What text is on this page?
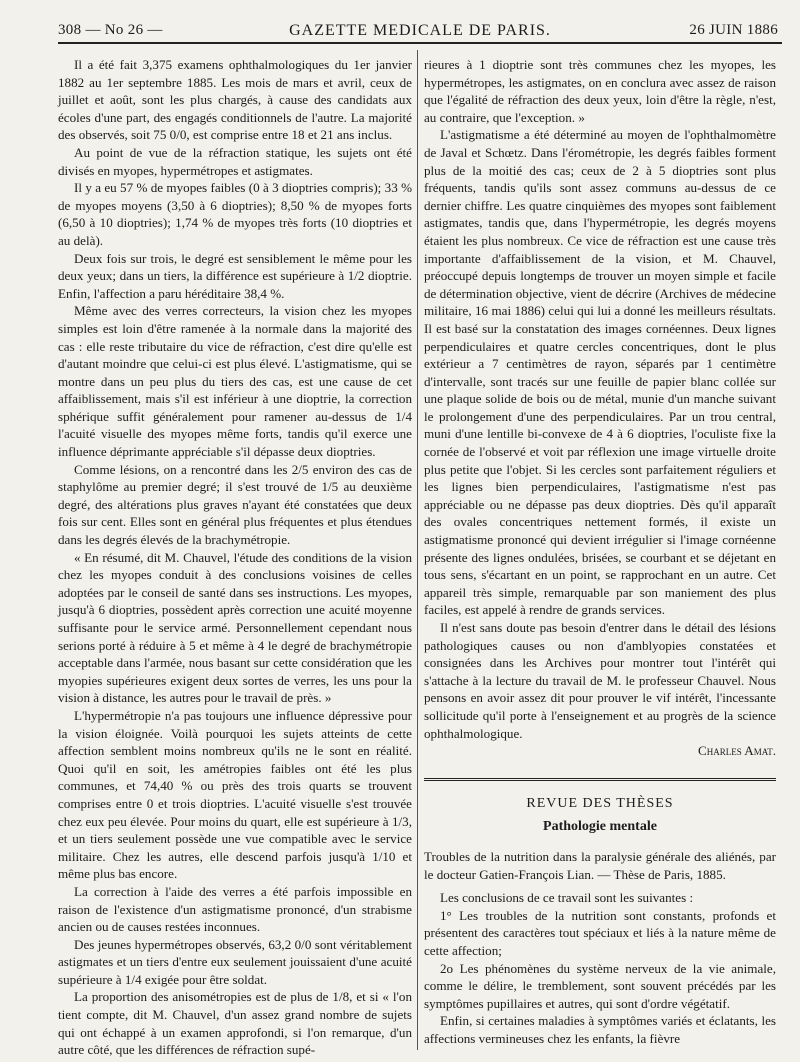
308 — No 26 —	GAZETTE MEDICALE DE PARIS.	26 JUIN 1886

Il a été fait 3,375 examens ophthalmologiques du 1er janvier 1882 au 1er septembre 1885. Les mois de mars et avril, ceux de juillet et août, sont les plus chargés, à cause des candidats aux écoles d'une part, des engagés conditionnels de l'autre. La majorité des observés, soit 75 0/0, est comprise entre 18 et 21 ans inclus.

Au point de vue de la réfraction statique, les sujets ont été divisés en myopes, hypermétropes et astigmates.

Il y a eu 57 % de myopes faibles (0 à 3 dioptries compris); 33 % de myopes moyens (3,50 à 6 dioptries); 8,50 % de myopes forts (6,50 à 10 dioptries); 1,74 % de myopes très forts (10 dioptries et au delà).

Deux fois sur trois, le degré est sensiblement le même pour les deux yeux; dans un tiers, la différence est supérieure à 1/2 dioptrie. Enfin, l'affection a paru héréditaire 38,4 %.

Même avec des verres correcteurs, la vision chez les myopes simples est loin d'être ramenée à la normale dans la majorité des cas : elle reste tributaire du vice de réfraction, c'est dire qu'elle est d'autant moindre que celui-ci est plus élevé. L'astigmatisme, qui se montre dans un peu plus du tiers des cas, est une cause de cet affaiblissement, mais s'il est inférieur à une dioptrie, la correction sphérique suffit généralement pour ramener au-dessus de 1/4 l'acuité visuelle des myopes même forts, tandis qu'il exerce une influence déprimante appréciable s'il dépasse deux dioptries.

Comme lésions, on a rencontré dans les 2/5 environ des cas de staphylôme au premier degré; il s'est trouvé de 1/5 au deuxième degré, des altérations plus graves n'ayant été constatées que deux fois sur cent. Elles sont en général plus fréquentes et plus étendues dans les degrés élevés de la brachymétropie.

« En résumé, dit M. Chauvel, l'étude des conditions de la vision chez les myopes conduit à des conclusions voisines de celles adoptées par le conseil de santé dans ses instructions. Les myopes, jusqu'à 6 dioptries, possèdent après correction une acuité moyenne suffisante pour le service armé. Personnellement cependant nous serions porté à réduire à 5 et même à 4 le degré de brachymétropie acceptable dans l'armée, nous basant sur cette considération que les myopies supérieures exigent deux sortes de verres, les uns pour la vision à distance, les autres pour le travail de près. »

L'hypermétropie n'a pas toujours une influence dépressive pour la vision éloignée. Voilà pourquoi les sujets atteints de cette affection semblent moins nombreux qu'ils ne le sont en réalité. Quoi qu'il en soit, les amétropies faibles ont été les plus communes, et 74,40 % ou près des trois quarts se trouvent comprises entre 0 et trois dioptries. L'acuité visuelle s'est trouvée chez eux peu élevée. Pour moins du quart, elle est supérieure à 1/3, et un tiers seulement possède une vue compatible avec le service militaire. Chez les autres, elle descend parfois jusqu'à 1/10 et même plus bas encore.

La correction à l'aide des verres a été parfois impossible en raison de l'existence d'un astigmatisme prononcé, d'un strabisme ancien ou de causes restées inconnues.

Des jeunes hypermétropes observés, 63,2 0/0 sont véritablement astigmates et un tiers d'entre eux seulement jouissaient d'une acuité supérieure à 1/4 exigée pour être soldat.

La proportion des anisométropies est de plus de 1/8, et si « l'on tient compte, dit M. Chauvel, d'un assez grand nombre de sujets qui ont échappé à un examen approfondi, si l'on remarque, d'un autre côté, que les différences de réfraction supé-

rieures à 1 dioptrie sont très communes chez les myopes, les hypermétropes, les astigmates, on en conclura avec assez de raison que l'égalité de réfraction des deux yeux, loin d'être la règle, n'est, au contraire, que l'exception. »

L'astigmatisme a été déterminé au moyen de l'ophthalmomètre de Javal et Schœtz. Dans l'érométropie, les degrés faibles forment plus de la moitié des cas; ceux de 2 à 5 dioptries sont plus fréquents, tandis qu'ils sont assez communs au-dessus de ce dernier chiffre. Les quatre cinquièmes des myopes sont faiblement astigmates, tandis que, dans l'hypermétropie, les degrés moyens étaient les plus nombreux. Ce vice de réfraction est une cause très importante d'affaiblissement de la vision, et M. Chauvel, préoccupé depuis longtemps de trouver un moyen simple et facile de détermination objective, vient de décrire (Archives de médecine militaire, 16 mai 1886) celui qui lui a donné les meilleurs résultats. Il est basé sur la constatation des images cornéennes. Deux lignes perpendiculaires et quatre cercles concentriques, dont le plus extérieur a 7 centimètres de rayon, séparés par 1 centimètre d'intervalle, sont tracés sur une feuille de papier blanc collée sur une plaque solide de bois ou de métal, munie d'un manche suivant le prolongement d'une des perpendiculaires. Par un trou central, muni d'une lentille bi-convexe de 4 à 6 dioptries, l'oculiste fixe la cornée de l'observé et voit par réflexion une image virtuelle droite plus petite que l'objet. Si les cercles sont parfaitement réguliers et les lignes bien perpendiculaires, l'astigmatisme n'est pas appréciable ou ne dépasse pas deux dioptries. Dès qu'il apparaît des ovales concentriques nettement formés, il existe un astigmatisme prononcé qui devient irrégulier si l'image cornéenne présente des lignes ondulées, brisées, se courbant et se déjetant en tous sens, s'écartant en un point, se rapprochant en un autre. Cet appareil très simple, remarquable par son maniement des plus faciles, est appelé à rendre de grands services.

Il n'est sans doute pas besoin d'entrer dans le détail des lésions pathologiques causes ou non d'amblyopies constatées et consignées dans les Archives pour montrer tout l'intérêt qui s'attache à la lecture du travail de M. le professeur Chauvel. Nous pensons en avoir assez dit pour prouver le vif intérêt, l'incessante sollicitude qu'il porte à l'enseignement et au progrès de la science ophthalmologique.

Charles Amat.

REVUE DES THÈSES
Pathologie mentale

Troubles de la nutrition dans la paralysie générale des aliénés, par le docteur Gatien-François Lian. — Thèse de Paris, 1885.

Les conclusions de ce travail sont les suivantes :

1° Les troubles de la nutrition sont constants, profonds et présentent des caractères tout spéciaux et liés à la nature même de cette affection;

2o Les phénomènes du système nerveux de la vie animale, comme le délire, le tremblement, sont souvent précédés par les symptômes pupillaires et autres, qui sont d'ordre végétatif.

Enfin, si certaines maladies à symptômes variés et éclatants, les affections vermineuses chez les enfants, la fièvre
